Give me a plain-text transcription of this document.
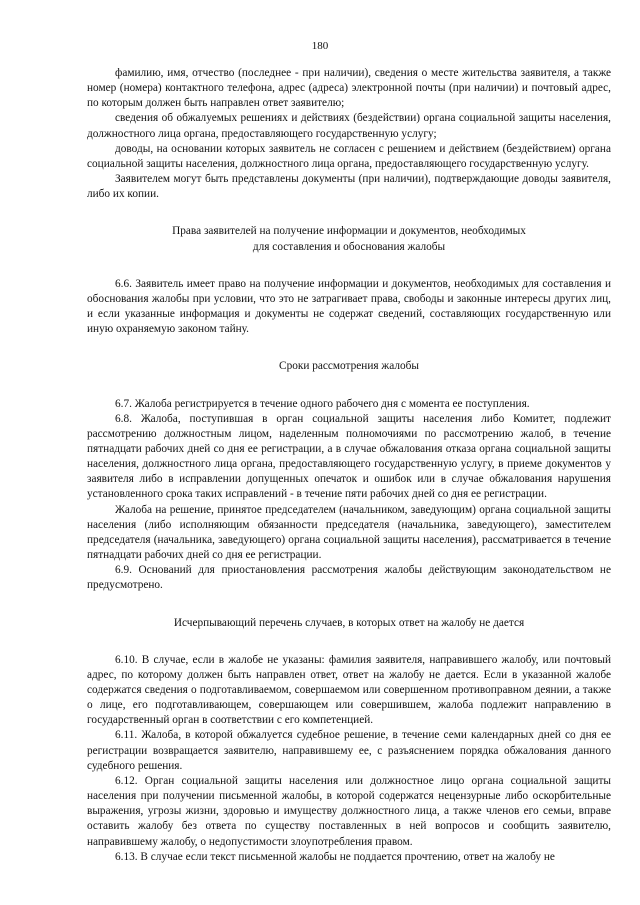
180

фамилию, имя, отчество (последнее - при наличии), сведения о месте жительства заявителя, а также номер (номера) контактного телефона, адрес (адреса) электронной почты (при наличии) и почтовый адрес, по которым должен быть направлен ответ заявителю;

сведения об обжалуемых решениях и действиях (бездействии) органа социальной защиты населения, должностного лица органа, предоставляющего государственную услугу;

доводы, на основании которых заявитель не согласен с решением и действием (бездействием) органа социальной защиты населения, должностного лица органа, предоставляющего государственную услугу.

Заявителем могут быть представлены документы (при наличии), подтверждающие доводы заявителя, либо их копии.

Права заявителей на получение информации и документов, необходимых
для составления и обоснования жалобы

6.6. Заявитель имеет право на получение информации и документов, необходимых для составления и обоснования жалобы при условии, что это не затрагивает права, свободы и законные интересы других лиц, и если указанные информация и документы не содержат сведений, составляющих государственную или иную охраняемую законом тайну.

Сроки рассмотрения жалобы

6.7. Жалоба регистрируется в течение одного рабочего дня с момента ее поступления.

6.8. Жалоба, поступившая в орган социальной защиты населения либо Комитет, подлежит рассмотрению должностным лицом, наделенным полномочиями по рассмотрению жалоб, в течение пятнадцати рабочих дней со дня ее регистрации, а в случае обжалования отказа органа социальной защиты населения, должностного лица органа, предоставляющего государственную услугу, в приеме документов у заявителя либо в исправлении допущенных опечаток и ошибок или в случае обжалования нарушения установленного срока таких исправлений - в течение пяти рабочих дней со дня ее регистрации.

Жалоба на решение, принятое председателем (начальником, заведующим) органа социальной защиты населения (либо исполняющим обязанности председателя (начальника, заведующего), заместителем председателя (начальника, заведующего) органа социальной защиты населения), рассматривается в течение пятнадцати рабочих дней со дня ее регистрации.

6.9. Оснований для приостановления рассмотрения жалобы действующим законодательством не предусмотрено.

Исчерпывающий перечень случаев, в которых ответ на жалобу не дается

6.10. В случае, если в жалобе не указаны: фамилия заявителя, направившего жалобу, или почтовый адрес, по которому должен быть направлен ответ, ответ на жалобу не дается. Если в указанной жалобе содержатся сведения о подготавливаемом, совершаемом или совершенном противоправном деянии, а также о лице, его подготавливающем, совершающем или совершившем, жалоба подлежит направлению в государственный орган в соответствии с его компетенцией.

6.11. Жалоба, в которой обжалуется судебное решение, в течение семи календарных дней со дня ее регистрации возвращается заявителю, направившему ее, с разъяснением порядка обжалования данного судебного решения.

6.12. Орган социальной защиты населения или должностное лицо органа социальной защиты населения при получении письменной жалобы, в которой содержатся нецензурные либо оскорбительные выражения, угрозы жизни, здоровью и имуществу должностного лица, а также членов его семьи, вправе оставить жалобу без ответа по существу поставленных в ней вопросов и сообщить заявителю, направившему жалобу, о недопустимости злоупотребления правом.

6.13. В случае если текст письменной жалобы не поддается прочтению, ответ на жалобу не
